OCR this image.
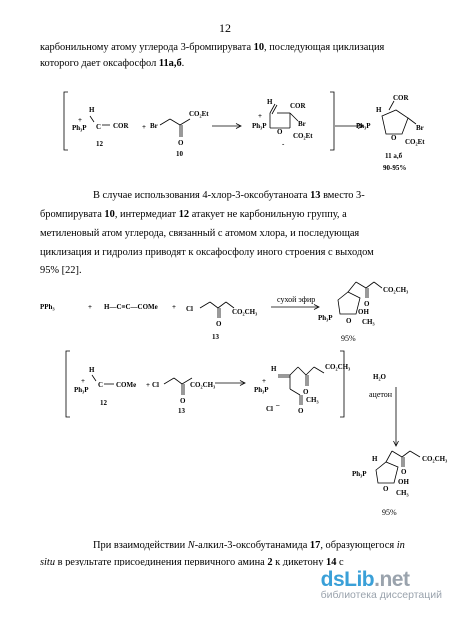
12
карбонильному атому углерода 3-бромпирувата 10, последующая циклизация
которого дает оксафосфол 11а,б.
H
+
Ph₃P C COR +
12
Br
CO₂Et
O
10
H
+
Ph₃P
COR
Br
O CO₂Et
-
H
COR
Ph₃P	Br
O CO₂Et
11 а,б
90-95%
В случае использования 4-хлор-3-оксобутаноата 13 вместо 3-
бромпирувата 10, интермедиат 12 атакует не карбонильную группу, а
метиленовый атом углерода, связанный с атомом хлора, и последующая
циклизация и гидролиз приводят к оксафосфолу иного строения с выходом
95% [22].
PPh₃	+ H—C≡C—COMe + Cl
O
CO₂CH₃
13
сухой эфир
CO₂CH₃
O
Ph₃P
OH
O CH₃
95%
H
+
Ph₃P
C COMe +
12
Cl
O
CO₂CH₃
13
H
+
Ph₃P	O
CO₂CH₃
O
CH₃
Cl –
H₂O
ацетон
H	CO₂CH₃
O
Ph₃P
OH
O CH₃
95%
При взаимодействии N-алкил-3-оксобутанамида 17, образующегося in
situ в результате присоединения первичного амина 2 к дикетону 14 с
dsLib.net
библиотека диссертаций
